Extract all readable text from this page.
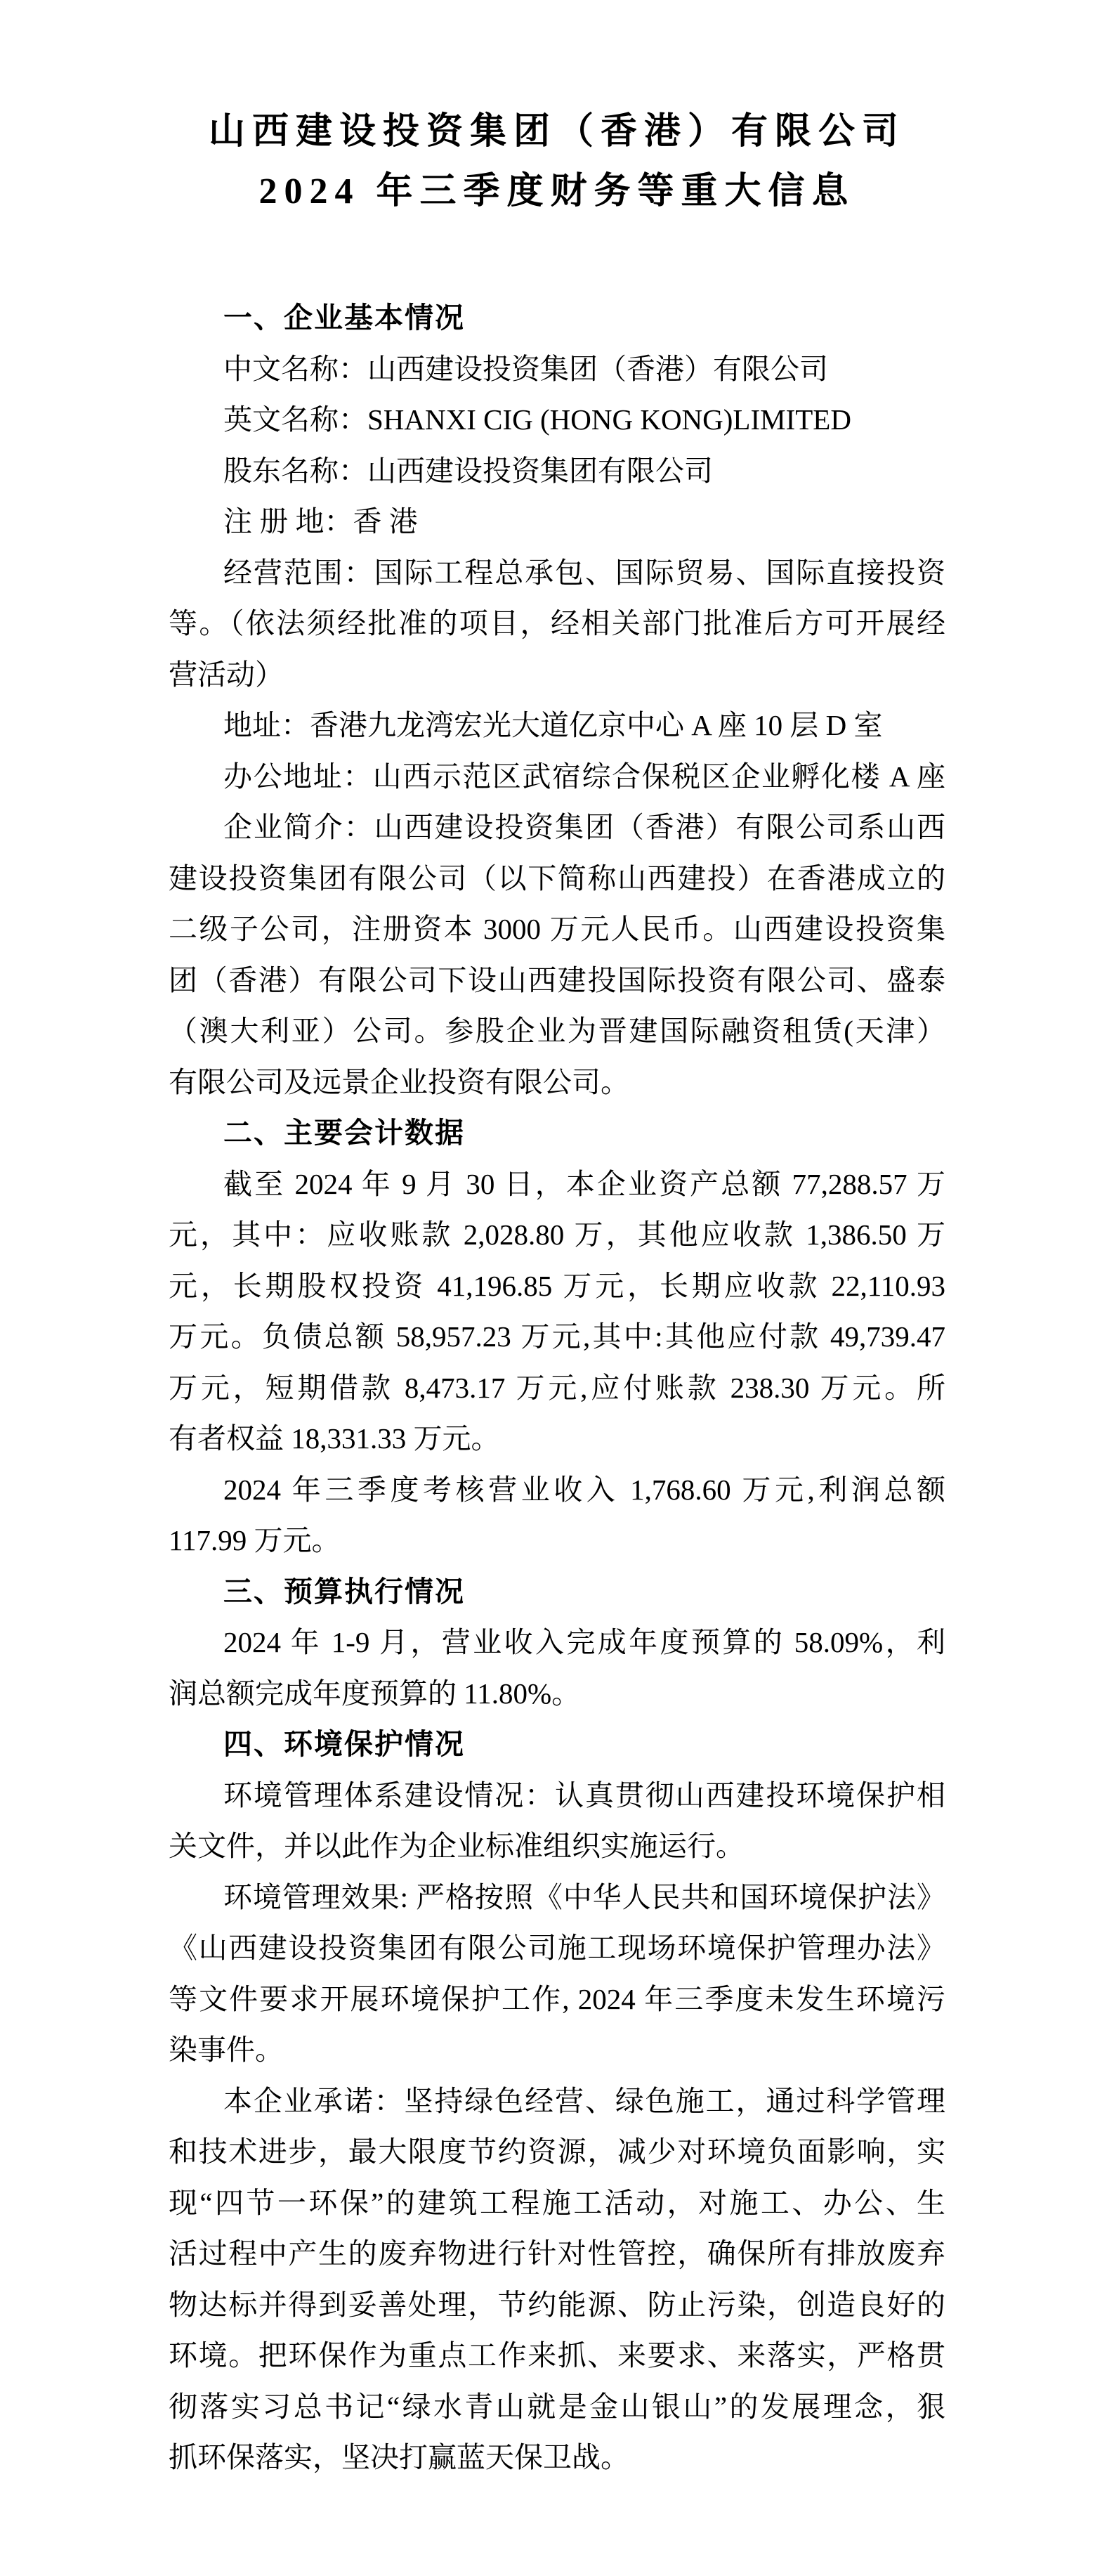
山西建设投资集团（香港）有限公司
2024 年三季度财务等重大信息
一、企业基本情况
中文名称：山西建设投资集团（香港）有限公司
英文名称：SHANXI CIG (HONG KONG)LIMITED
股东名称：山西建设投资集团有限公司
注 册 地：香 港
经营范围：国际工程总承包、国际贸易、国际直接投资
等。（依法须经批准的项目，经相关部门批准后方可开展经
营活动）
地址：香港九龙湾宏光大道亿京中心 A 座 10 层 D 室
办公地址：山西示范区武宿综合保税区企业孵化楼 A 座
企业简介：山西建设投资集团（香港）有限公司系山西
建设投资集团有限公司（以下简称山西建投）在香港成立的
二级子公司，注册资本 3000 万元人民币。山西建设投资集
团（香港）有限公司下设山西建投国际投资有限公司、盛泰
（澳大利亚）公司。参股企业为晋建国际融资租赁(天津）
有限公司及远景企业投资有限公司。
二、主要会计数据
截至 2024 年 9 月 30 日，本企业资产总额 77,288.57 万
元，其中：应收账款 2,028.80 万，其他应收款 1,386.50 万
元，长期股权投资 41,196.85 万元，长期应收款 22,110.93
万元。负债总额 58,957.23 万元,其中:其他应付款 49,739.47
万元，短期借款 8,473.17 万元,应付账款 238.30 万元。所
有者权益 18,331.33 万元。
2024 年三季度考核营业收入 1,768.60 万元,利润总额
117.99 万元。
三、预算执行情况
2024 年 1-9 月，营业收入完成年度预算的 58.09%，利
润总额完成年度预算的 11.80%。
四、环境保护情况
环境管理体系建设情况：认真贯彻山西建投环境保护相
关文件，并以此作为企业标准组织实施运行。
环境管理效果: 严格按照《中华人民共和国环境保护法》
《山西建设投资集团有限公司施工现场环境保护管理办法》
等文件要求开展环境保护工作, 2024 年三季度未发生环境污
染事件。
本企业承诺：坚持绿色经营、绿色施工，通过科学管理
和技术进步，最大限度节约资源，减少对环境负面影响，实
现“四节一环保”的建筑工程施工活动，对施工、办公、生
活过程中产生的废弃物进行针对性管控，确保所有排放废弃
物达标并得到妥善处理，节约能源、防止污染，创造良好的
环境。把环保作为重点工作来抓、来要求、来落实，严格贯
彻落实习总书记“绿水青山就是金山银山”的发展理念，狠
抓环保落实，坚决打赢蓝天保卫战。
